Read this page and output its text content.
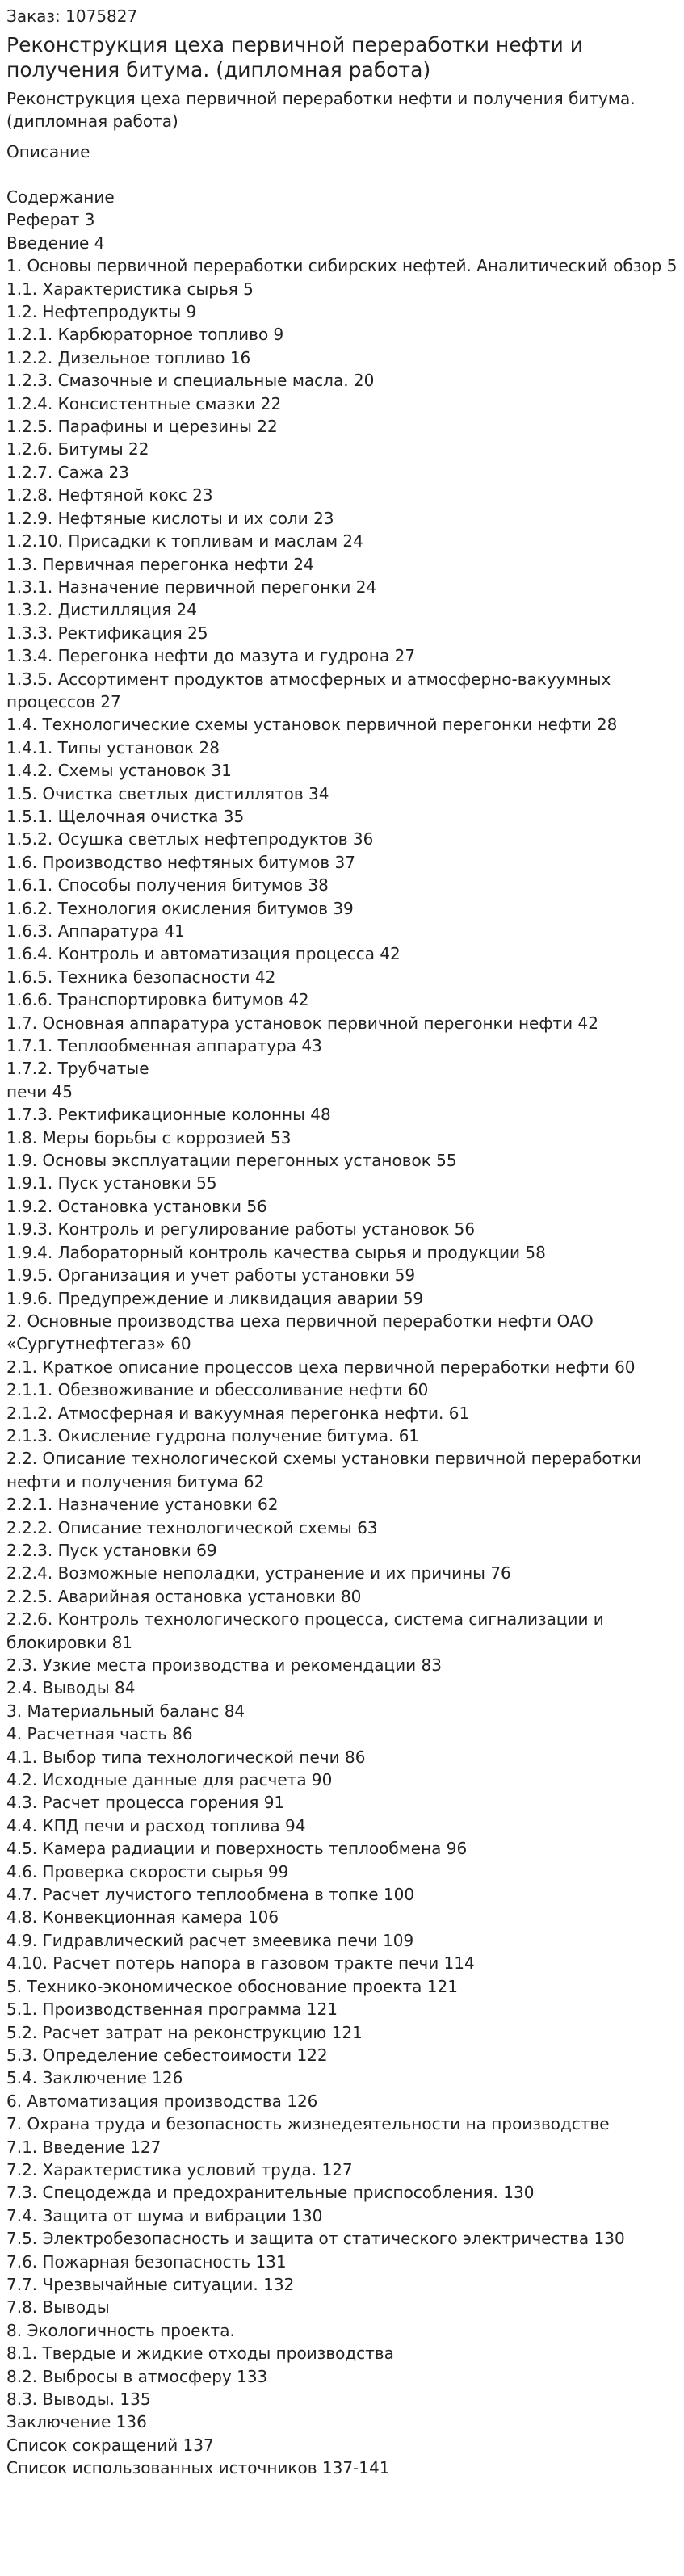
Заказ: 1075827

Реконструкция цеха первичной переработки нефти и получения битума. (дипломная работа)

Реконструкция цеха первичной переработки нефти и получения битума. (дипломная работа)

Описание

Содержание
Реферат 3
Введение 4
1. Основы первичной переработки сибирских нефтей. Аналитический обзор 5
1.1. Характеристика сырья 5
1.2. Нефтепродукты 9
1.2.1. Карбюраторное топливо 9
1.2.2. Дизельное топливо 16
1.2.3. Смазочные и специальные масла. 20
1.2.4. Консистентные смазки 22
1.2.5. Парафины и церезины 22
1.2.6. Битумы 22
1.2.7. Сажа 23
1.2.8. Нефтяной кокс 23
1.2.9. Нефтяные кислоты и их соли 23
1.2.10. Присадки к топливам и маслам 24
1.3. Первичная перегонка нефти 24
1.3.1. Назначение первичной перегонки 24
1.3.2. Дистилляция 24
1.3.3. Ректификация 25
1.3.4. Перегонка нефти до мазута и гудрона 27
1.3.5. Ассортимент продуктов атмосферных и атмосферно-вакуумных процессов 27
1.4. Технологические схемы установок первичной перегонки нефти 28
1.4.1. Типы установок 28
1.4.2. Схемы установок 31
1.5. Очистка светлых дистиллятов 34
1.5.1. Щелочная очистка 35
1.5.2. Осушка светлых нефтепродуктов 36
1.6. Производство нефтяных битумов 37
1.6.1. Способы получения битумов 38
1.6.2. Технология окисления битумов 39
1.6.3. Аппаратура 41
1.6.4. Контроль и автоматизация процесса 42
1.6.5. Техника безопасности 42
1.6.6. Транспортировка битумов 42
1.7. Основная аппаратура установок первичной перегонки нефти 42
1.7.1. Теплообменная аппаратура 43
1.7.2. Трубчатые
печи 45
1.7.3. Ректификационные колонны 48
1.8. Меры борьбы с коррозией 53
1.9. Основы эксплуатации перегонных установок 55
1.9.1. Пуск установки 55
1.9.2. Остановка установки 56
1.9.3. Контроль и регулирование работы установок 56
1.9.4. Лабораторный контроль качества сырья и продукции 58
1.9.5. Организация и учет работы установки 59
1.9.6. Предупреждение и ликвидация аварии 59
2. Основные производства цеха первичной переработки нефти ОАО «Сургутнефтегаз» 60
2.1. Краткое описание процессов цеха первичной переработки нефти 60
2.1.1. Обезвоживание и обессоливание нефти 60
2.1.2. Атмосферная и вакуумная перегонка нефти. 61
2.1.3. Окисление гудрона получение битума. 61
2.2. Описание технологической схемы установки первичной переработки нефти и получения битума 62
2.2.1. Назначение установки 62
2.2.2. Описание технологической схемы 63
2.2.3. Пуск установки 69
2.2.4. Возможные неполадки, устранение и их причины 76
2.2.5. Аварийная остановка установки 80
2.2.6. Контроль технологического процесса, система сигнализации и блокировки 81
2.3. Узкие места производства и рекомендации 83
2.4. Выводы 84
3. Материальный баланс 84
4. Расчетная часть 86
4.1. Выбор типа технологической печи 86
4.2. Исходные данные для расчета 90
4.3. Расчет процесса горения 91
4.4. КПД печи и расход топлива 94
4.5. Камера радиации и поверхность теплообмена 96
4.6. Проверка скорости сырья 99
4.7. Расчет лучистого теплообмена в топке 100
4.8. Конвекционная камера 106
4.9. Гидравлический расчет змеевика печи 109
4.10. Расчет потерь напора в газовом тракте печи 114
5. Технико-экономическое обоснование проекта 121
5.1. Производственная программа 121
5.2. Расчет затрат на реконструкцию 121
5.3. Определение себестоимости 122
5.4. Заключение 126
6. Автоматизация производства 126
7. Охрана труда и безопасность жизнедеятельности на производстве
7.1. Введение 127
7.2. Характеристика условий труда. 127
7.3. Спецодежда и предохранительные приспособления. 130
7.4. Защита от шума и вибрации 130
7.5. Электробезопасность и защита от статического электричества 130
7.6. Пожарная безопасность 131
7.7. Чрезвычайные ситуации. 132
7.8. Выводы
8. Экологичность проекта.
8.1. Твердые и жидкие отходы производства
8.2. Выбросы в атмосферу 133
8.3. Выводы. 135
Заключение 136
Список сокращений 137
Список использованных источников 137-141
